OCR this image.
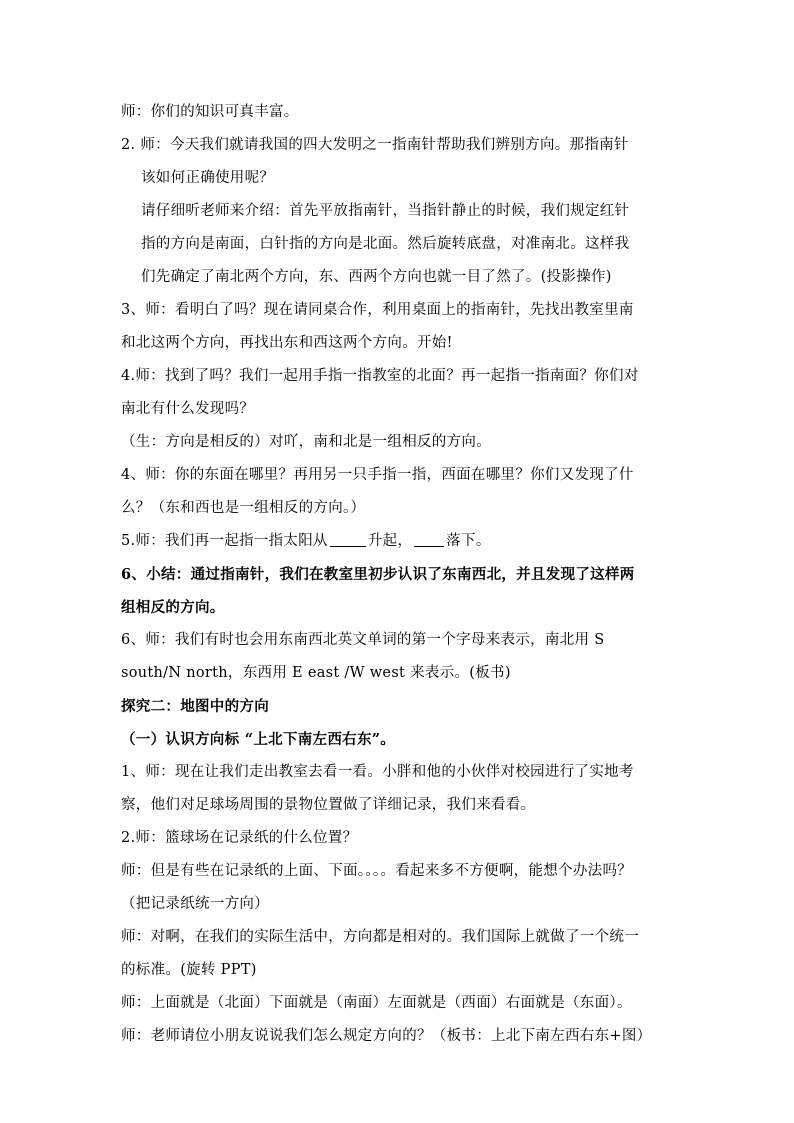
师：你们的知识可真丰富。
2. 师：今天我们就请我国的四大发明之一指南针帮助我们辨别方向。那指南针
该如何正确使用呢？
请仔细听老师来介绍：首先平放指南针，当指针静止的时候，我们规定红针
指的方向是南面，白针指的方向是北面。然后旋转底盘，对准南北。这样我
们先确定了南北两个方向，东、西两个方向也就一目了然了。(投影操作)
3、师：看明白了吗？现在请同桌合作，利用桌面上的指南针，先找出教室里南
和北这两个方向，再找出东和西这两个方向。开始!
4.师：找到了吗？我们一起用手指一指教室的北面？再一起指一指南面？你们对
南北有什么发现吗？
（生：方向是相反的）对吖，南和北是一组相反的方向。
4、师：你的东面在哪里？再用另一只手指一指，西面在哪里？你们又发现了什
么？（东和西也是一组相反的方向。）
5.师：我们再一起指一指太阳从	升起， 落下。
6、小结：通过指南针，我们在教室里初步认识了东南西北，并且发现了这样两
组相反的方向。
6、师：我们有时也会用东南西北英文单词的第一个字母来表示，南北用 S
south/N north，东西用 E east /W west 来表示。(板书)
探究二：地图中的方向
（一）认识方向标 “上北下南左西右东”。
1、师：现在让我们走出教室去看一看。小胖和他的小伙伴对校园进行了实地考
察，他们对足球场周围的景物位置做了详细记录，我们来看看。
2.师：篮球场在记录纸的什么位置？
师：但是有些在记录纸的上面、下面。。。。看起来多不方便啊，能想个办法吗？
（把记录纸统一方向）
师：对啊，在我们的实际生活中，方向都是相对的。我们国际上就做了一个统一
的标准。(旋转 PPT)
师：上面就是（北面）下面就是（南面）左面就是（西面）右面就是（东面）。
师：老师请位小朋友说说我们怎么规定方向的？（板书：上北下南左西右东+图）
